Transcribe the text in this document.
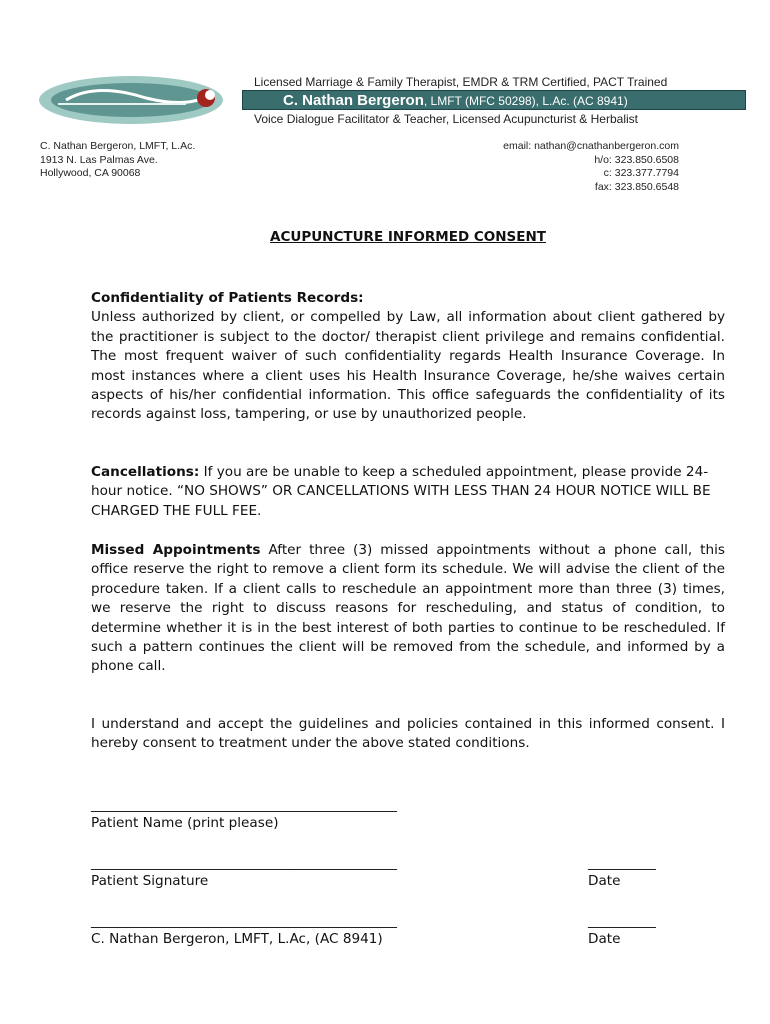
Licensed Marriage & Family Therapist, EMDR & TRM Certified, PACT Trained
C. Nathan Bergeron, LMFT (MFC 50298), L.Ac. (AC 8941)
Voice Dialogue Facilitator & Teacher, Licensed Acupuncturist & Herbalist
C. Nathan Bergeron, LMFT, L.Ac.
1913 N. Las Palmas Ave.
Hollywood, CA 90068
email: nathan@cnathanbergeron.com
h/o: 323.850.6508
c: 323.377.7794
fax: 323.850.6548
ACUPUNCTURE INFORMED CONSENT
Confidentiality of Patients Records:
Unless authorized by client, or compelled by Law, all information about client gathered by the practitioner is subject to the doctor/ therapist client privilege and remains confidential. The most frequent waiver of such confidentiality regards Health Insurance Coverage. In most instances where a client uses his Health Insurance Coverage, he/she waives certain aspects of his/her confidential information. This office safeguards the confidentiality of its records against loss, tampering, or use by unauthorized people.
Cancellations: If you are be unable to keep a scheduled appointment, please provide 24-hour notice. “NO SHOWS” OR CANCELLATIONS WITH LESS THAN 24 HOUR NOTICE WILL BE CHARGED THE FULL FEE.
Missed Appointments After three (3) missed appointments without a phone call, this office reserve the right to remove a client form its schedule. We will advise the client of the procedure taken. If a client calls to reschedule an appointment more than three (3) times, we reserve the right to discuss reasons for rescheduling, and status of condition, to determine whether it is in the best interest of both parties to continue to be rescheduled. If such a pattern continues the client will be removed from the schedule, and informed by a phone call.
I understand and accept the guidelines and policies contained in this informed consent. I hereby consent to treatment under the above stated conditions.
_____________________________________________
Patient Name (print please)
_____________________________________________	__________
Patient Signature	Date
_____________________________________________	__________
C. Nathan Bergeron, LMFT, L.Ac, (AC 8941)	Date
